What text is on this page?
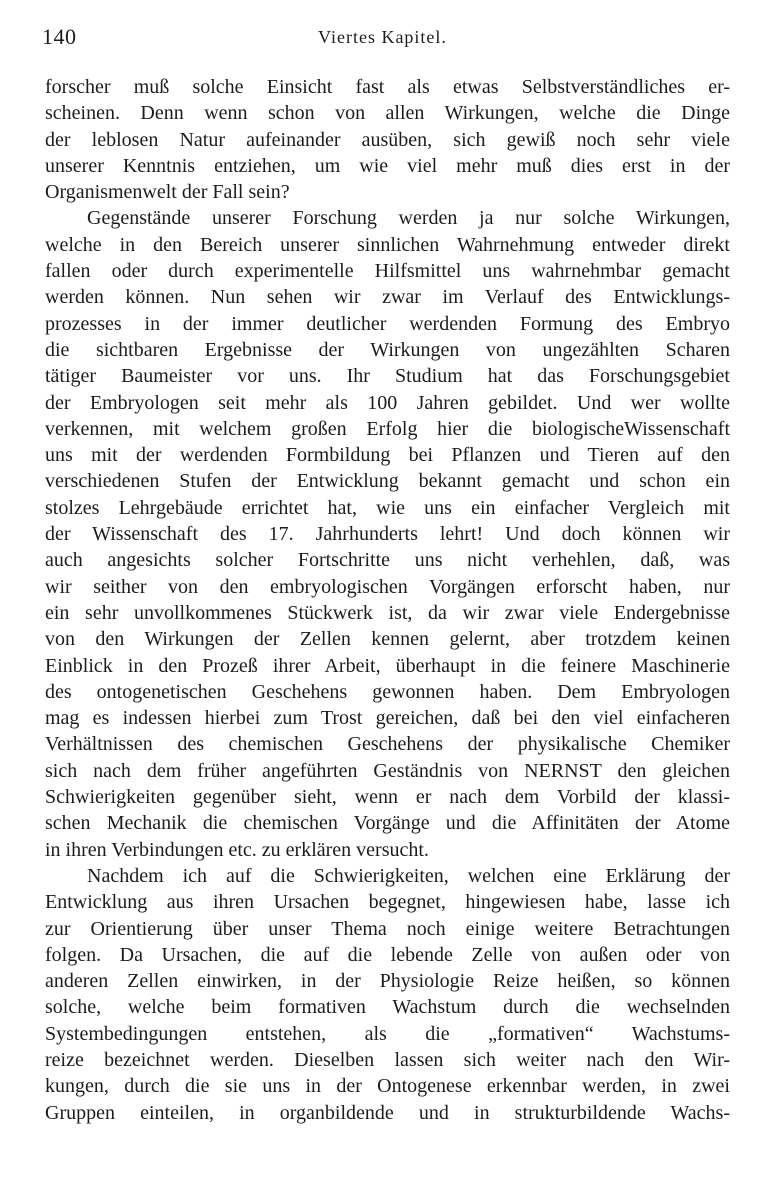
140	Viertes Kapitel.
forscher muß solche Einsicht fast als etwas Selbstverständliches er-
scheinen. Denn wenn schon von allen Wirkungen, welche die Dinge
der leblosen Natur aufeinander ausüben, sich gewiß noch sehr viele
unserer Kenntnis entziehen, um wie viel mehr muß dies erst in der
Organismenwelt der Fall sein?
Gegenstände unserer Forschung werden ja nur solche Wirkungen,
welche in den Bereich unserer sinnlichen Wahrnehmung entweder direkt
fallen oder durch experimentelle Hilfsmittel uns wahrnehmbar gemacht
werden können. Nun sehen wir zwar im Verlauf des Entwicklungs-
prozesses in der immer deutlicher werdenden Formung des Embryo
die sichtbaren Ergebnisse der Wirkungen von ungezählten Scharen
tätiger Baumeister vor uns. Ihr Studium hat das Forschungsgebiet
der Embryologen seit mehr als 100 Jahren gebildet. Und wer wollte
verkennen, mit welchem großen Erfolg hier die biologischeWissenschaft
uns mit der werdenden Formbildung bei Pflanzen und Tieren auf den
verschiedenen Stufen der Entwicklung bekannt gemacht und schon ein
stolzes Lehrgebäude errichtet hat, wie uns ein einfacher Vergleich mit
der Wissenschaft des 17. Jahrhunderts lehrt! Und doch können wir
auch angesichts solcher Fortschritte uns nicht verhehlen, daß, was
wir seither von den embryologischen Vorgängen erforscht haben, nur
ein sehr unvollkommenes Stückwerk ist, da wir zwar viele Endergebnisse
von den Wirkungen der Zellen kennen gelernt, aber trotzdem keinen
Einblick in den Prozeß ihrer Arbeit, überhaupt in die feinere Maschinerie
des ontogenetischen Geschehens gewonnen haben. Dem Embryologen
mag es indessen hierbei zum Trost gereichen, daß bei den viel einfacheren
Verhältnissen des chemischen Geschehens der physikalische Chemiker
sich nach dem früher angeführten Geständnis von NERNST den gleichen
Schwierigkeiten gegenüber sieht, wenn er nach dem Vorbild der klassi-
schen Mechanik die chemischen Vorgänge und die Affinitäten der Atome
in ihren Verbindungen etc. zu erklären versucht.
Nachdem ich auf die Schwierigkeiten, welchen eine Erklärung der
Entwicklung aus ihren Ursachen begegnet, hingewiesen habe, lasse ich
zur Orientierung über unser Thema noch einige weitere Betrachtungen
folgen. Da Ursachen, die auf die lebende Zelle von außen oder von
anderen Zellen einwirken, in der Physiologie Reize heißen, so können
solche, welche beim formativen Wachstum durch die wechselnden
Systembedingungen entstehen, als die „formativen“ Wachstums-
reize bezeichnet werden. Dieselben lassen sich weiter nach den Wir-
kungen, durch die sie uns in der Ontogenese erkennbar werden, in zwei
Gruppen einteilen, in organbildende und in strukturbildende Wachs-
